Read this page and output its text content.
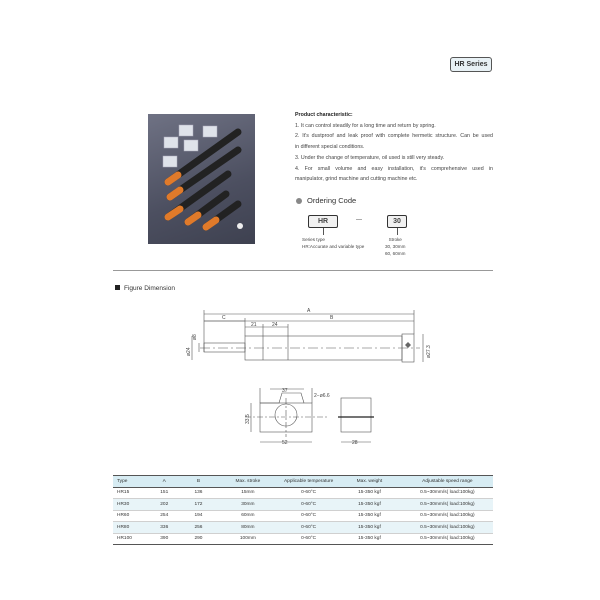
HR Series
Product characteristic:
1. It can control steadily for a long time and return by spring.
2. It's dustproof and leak proof with complete hermetic structure. Can be used
in different special conditions.
3. Under the change of temperature, oil used is still very steady.
4. For small volume and easy installation, it's comprehensive used in
manipulator, grind machine and cutting machine etc.
Ordering Code
HR	—	30
Series type
HR:Accurate and variable type
Stroke
30, 30mm
60, 60mm
Figure Dimension
A
B
C
21	24
ø8
ø24	ø27.3
37
2−ø6.6
33.5
52	28
Type	A	B	Max. stroke	Applicable temperature	Max. weight	Adjustable speed range
HR15	151	136	15mm	0-60°C	15-350 kgf	0.5~30mm/s( load:100kg)
HR30	202	172	30mm	0-60°C	15-350 kgf	0.5~30mm/s( load:100kg)
HR60	254	194	60mm	0-60°C	15-350 kgf	0.5~30mm/s( load:100kg)
HR80	336	256	80mm	0-60°C	15-350 kgf	0.5~30mm/s( load:100kg)
HR100	390	290	100mm	0-60°C	15-350 kgf	0.5~30mm/s( load:100kg)
